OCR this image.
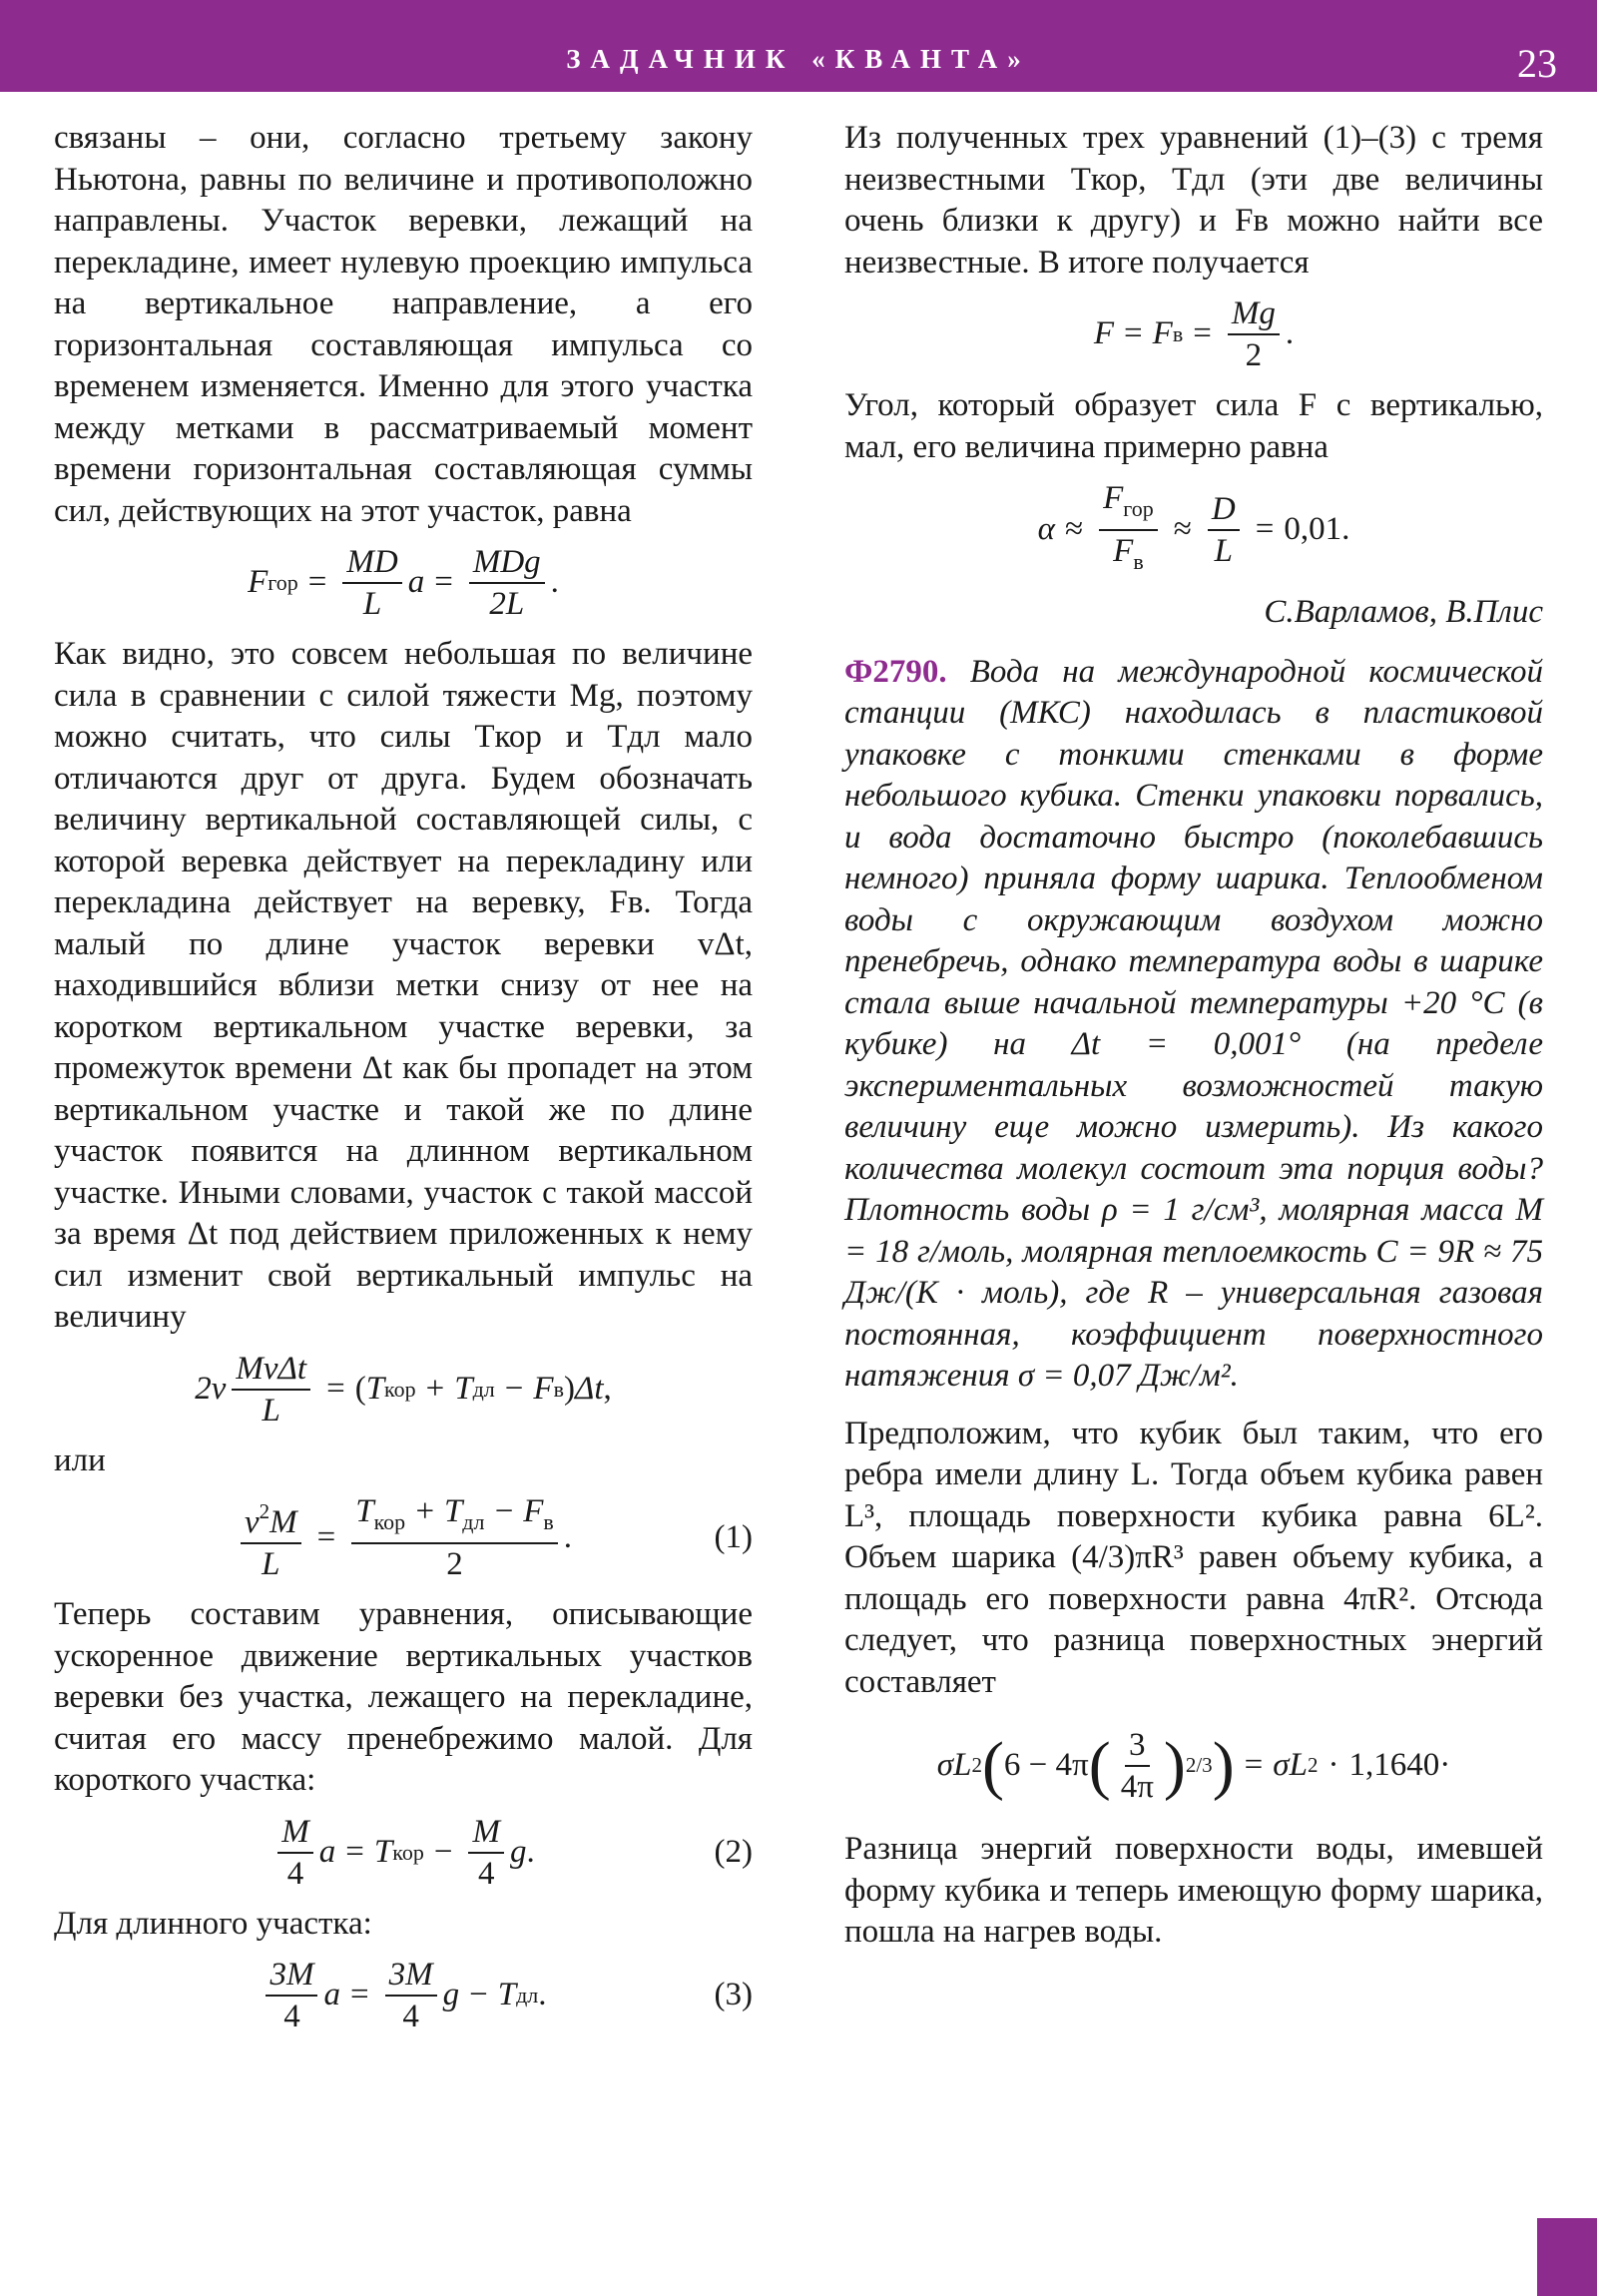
ЗАДАЧНИК «КВАНТА»	23

связаны – они, согласно третьему закону Ньютона, равны по величине и противоположно направлены. Участок веревки, лежащий на перекладине, имеет нулевую проекцию импульса на вертикальное направление, а его горизонтальная составляющая импульса со временем изменяется. Именно для этого участка между метками в рассматриваемый момент времени горизонтальная составляющая суммы сил, действующих на этот участок, равна

F гор = $\frac{MD}{L}$ $a = \frac{\text{MDg}}{2L}$ .

Как видно, это совсем небольшая по величине сила в сравнении с силой тяжести Mg, поэтому можно считать, что силы Tкор и Tдл мало отличаются друг от друга. Будем обозначать величину вертикальной составляющей силы, с которой веревка действует на перекладину или перекладина действует на веревку, Fв. Тогда малый по длине участок веревки vΔt, находившийся вблизи метки снизу от нее на коротком вертикальном участке веревки, за промежуток времени Δt как бы пропадет на этом вертикальном участке и такой же по длине участок появится на длинном вертикальном участке. Иными словами, участок с такой массой за время Δt под действием приложенных к нему сил изменит свой вертикальный импульс на величину

$2v \frac{\text{MvΔt}}{L}$ = ( T кор + T дл − F в ) Δt ,

или

$\frac{v^2M}{L} = \frac{T_{кор} + T_{дл} - F_в}{2}$ .	(1)

Теперь составим уравнения, описывающие ускоренное движение вертикальных участков веревки без участка, лежащего на перекладине, считая его массу пренебрежимо малой. Для короткого участка:

$\frac{M}{4}$ a = T кор − $\frac{M}{4}$ g .	(2)

Для длинного участка:

$\frac{3M}{4}$ $a = \frac{3M}{4}$ g − T дл .	(3)

Из полученных трех уравнений (1)–(3) с тремя неизвестными Tкор, Tдл (эти две величины очень близки к другу) и Fв можно найти все неизвестные. В итоге получается

F = F $в = \frac{Mg}{2}$ .

Угол, который образует сила F с вертикалью, мал, его величина примерно равна

$\alpha \approx \frac{F_{гор}}{F_в} \approx \frac{D}{L} = 0,01$ .
С.Варламов, В.Плис

Ф2790. Вода на международной космической станции (МКС) находилась в пластиковой упаковке с тонкими стенками в форме небольшого кубика. Стенки упаковки порвались, и вода достаточно быстро (поколебавшись немного) приняла форму шарика. Теплообменом воды с окружающим воздухом можно пренебречь, однако температура воды в шарике стала выше начальной температуры +20 °С (в кубике) на Δt = 0,001° (на пределе экспериментальных возможностей такую величину еще можно измерить). Из какого количества молекул состоит эта порция воды? Плотность воды ρ = 1 г/см³, молярная масса M = 18 г/моль, молярная теплоемкость C = 9R ≈ 75 Дж/(К · моль), где R – универсальная газовая постоянная, коэффициент поверхностного натяжения σ = 0,07 Дж/м².

Предположим, что кубик был таким, что его ребра имели длину L. Тогда объем кубика равен L³, площадь поверхности кубика равна 6L². Объем шарика (4/3)πR³ равен объему кубика, а площадь его поверхности равна 4πR². Отсюда следует, что разница поверхностных энергий составляет

σL 2 ( 6 − 4π ( $\frac{3}{4\pi}$ ) 2/3 ) = σL 2 · 1,1640 ·

Разница энергий поверхности воды, имевшей форму кубика и теперь имеющую форму шарика, пошла на нагрев воды.
